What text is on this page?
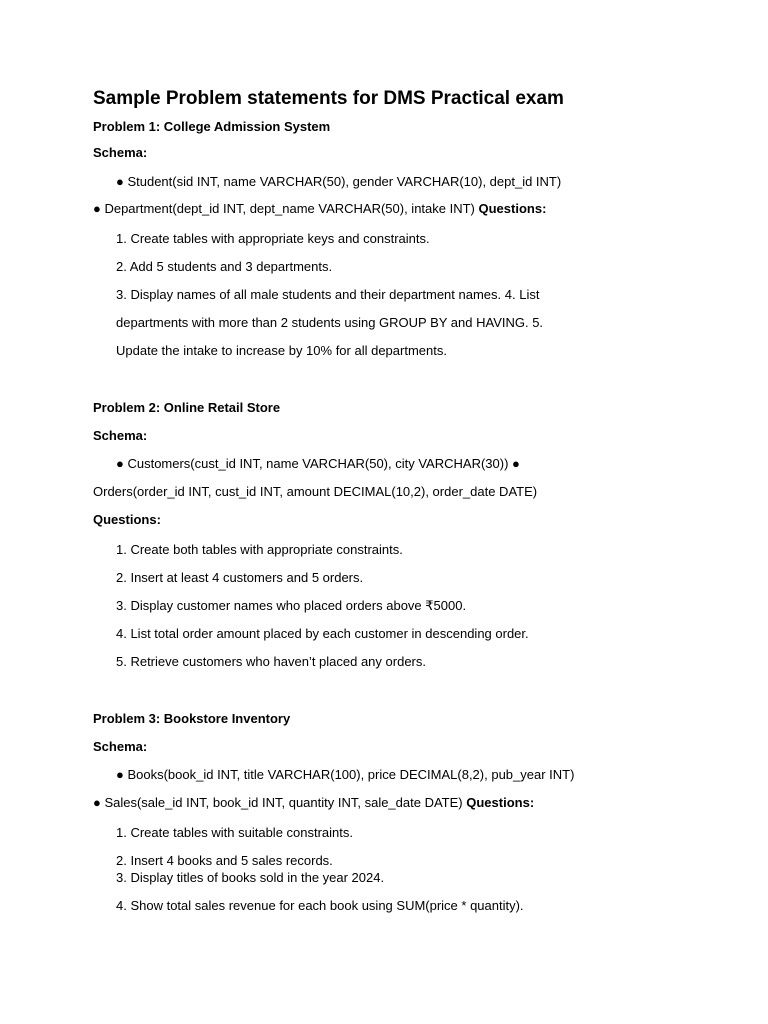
Sample Problem statements for DMS Practical exam
Problem 1: College Admission System
Schema:
● Student(sid INT, name VARCHAR(50), gender VARCHAR(10), dept_id INT)
● Department(dept_id INT, dept_name VARCHAR(50), intake INT) Questions:
1. Create tables with appropriate keys and constraints.
2. Add 5 students and 3 departments.
3. Display names of all male students and their department names. 4. List
departments with more than 2 students using GROUP BY and HAVING. 5.
Update the intake to increase by 10% for all departments.
Problem 2: Online Retail Store
Schema:
● Customers(cust_id INT, name VARCHAR(50), city VARCHAR(30)) ●
Orders(order_id INT, cust_id INT, amount DECIMAL(10,2), order_date DATE)
Questions:
1. Create both tables with appropriate constraints.
2. Insert at least 4 customers and 5 orders.
3. Display customer names who placed orders above ₹5000.
4. List total order amount placed by each customer in descending order.
5. Retrieve customers who haven’t placed any orders.
Problem 3: Bookstore Inventory
Schema:
● Books(book_id INT, title VARCHAR(100), price DECIMAL(8,2), pub_year INT)
● Sales(sale_id INT, book_id INT, quantity INT, sale_date DATE) Questions:
1. Create tables with suitable constraints.
2. Insert 4 books and 5 sales records.
3. Display titles of books sold in the year 2024.
4. Show total sales revenue for each book using SUM(price * quantity).
